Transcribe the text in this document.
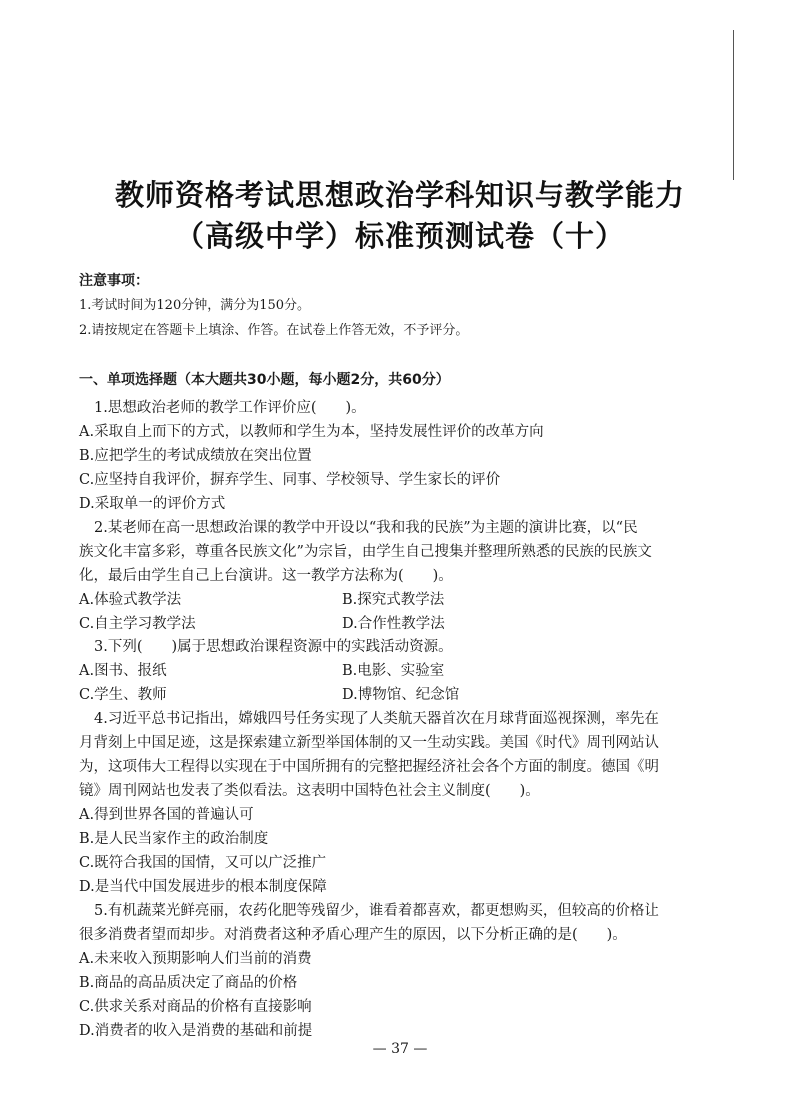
教师资格考试思想政治学科知识与教学能力
（高级中学）标准预测试卷（十）
注意事项：
1.考试时间为120分钟，满分为150分。
2.请按规定在答题卡上填涂、作答。在试卷上作答无效，不予评分。
一、单项选择题（本大题共30小题，每小题2分，共60分）
1.思想政治老师的教学工作评价应(　　)。
A.采取自上而下的方式，以教师和学生为本，坚持发展性评价的改革方向
B.应把学生的考试成绩放在突出位置
C.应坚持自我评价，摒弃学生、同事、学校领导、学生家长的评价
D.采取单一的评价方式
2.某老师在高一思想政治课的教学中开设以“我和我的民族”为主题的演讲比赛，以“民
族文化丰富多彩，尊重各民族文化”为宗旨，由学生自己搜集并整理所熟悉的民族的民族文
化，最后由学生自己上台演讲。这一教学方法称为(　　)。
A.体验式教学法	B.探究式教学法
C.自主学习教学法	D.合作性教学法
3.下列(　　)属于思想政治课程资源中的实践活动资源。
A.图书、报纸	B.电影、实验室
C.学生、教师	D.博物馆、纪念馆
4.习近平总书记指出，嫦娥四号任务实现了人类航天器首次在月球背面巡视探测，率先在
月背刻上中国足迹，这是探索建立新型举国体制的又一生动实践。美国《时代》周刊网站认
为，这项伟大工程得以实现在于中国所拥有的完整把握经济社会各个方面的制度。德国《明
镜》周刊网站也发表了类似看法。这表明中国特色社会主义制度(　　)。
A.得到世界各国的普遍认可
B.是人民当家作主的政治制度
C.既符合我国的国情，又可以广泛推广
D.是当代中国发展进步的根本制度保障
5.有机蔬菜光鲜亮丽，农药化肥等残留少，谁看着都喜欢，都更想购买，但较高的价格让
很多消费者望而却步。对消费者这种矛盾心理产生的原因，以下分析正确的是(　　)。
A.未来收入预期影响人们当前的消费
B.商品的高品质决定了商品的价格
C.供求关系对商品的价格有直接影响
D.消费者的收入是消费的基础和前提
— 37 —
